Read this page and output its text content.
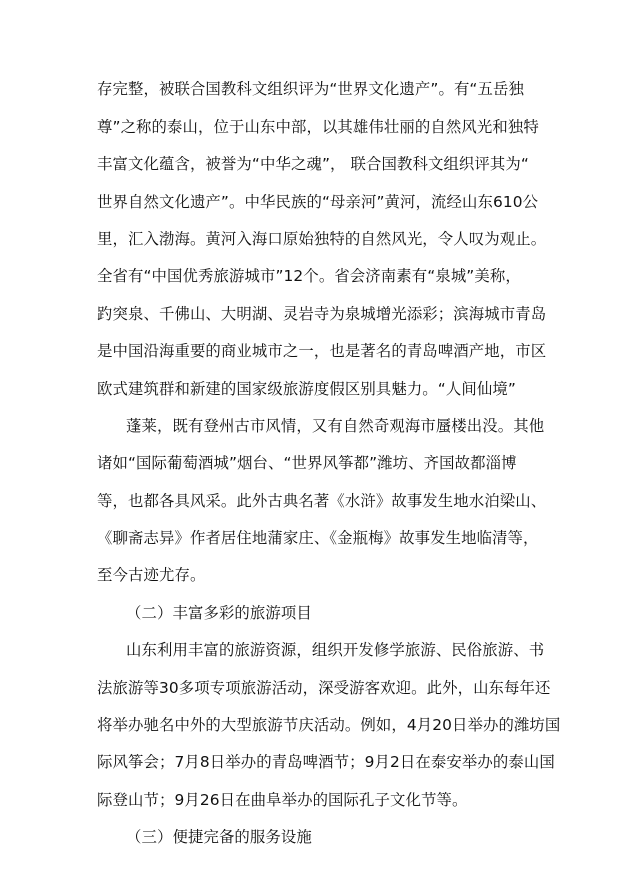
存完整，被联合国教科文组织评为“世界文化遗产”。有“五岳独
尊”之称的泰山，位于山东中部，以其雄伟壮丽的自然风光和独特
丰富文化蕴含，被誉为“中华之魂”， 联合国教科文组织评其为“
世界自然文化遗产”。中华民族的“母亲河”黄河，流经山东610公
里，汇入渤海。黄河入海口原始独特的自然风光，令人叹为观止。
全省有“中国优秀旅游城市”12个。省会济南素有“泉城”美称，
趵突泉、千佛山、大明湖、灵岩寺为泉城增光添彩；滨海城市青岛
是中国沿海重要的商业城市之一，也是著名的青岛啤酒产地，市区
欧式建筑群和新建的国家级旅游度假区别具魅力。“人间仙境”
蓬莱，既有登州古市风情，又有自然奇观海市蜃楼出没。其他
诸如“国际葡萄酒城”烟台、“世界风筝都”潍坊、齐国故都淄博
等，也都各具风采。此外古典名著《水浒》故事发生地水泊梁山、
《聊斋志异》作者居住地蒲家庄、《金瓶梅》故事发生地临清等，
至今古迹尤存。
（二）丰富多彩的旅游项目
山东利用丰富的旅游资源，组织开发修学旅游、民俗旅游、书
法旅游等30多项专项旅游活动，深受游客欢迎。此外，山东每年还
将举办驰名中外的大型旅游节庆活动。例如，4月20日举办的潍坊国
际风筝会；7月8日举办的青岛啤酒节；9月2日在泰安举办的泰山国
际登山节；9月26日在曲阜举办的国际孔子文化节等。
（三）便捷完备的服务设施
